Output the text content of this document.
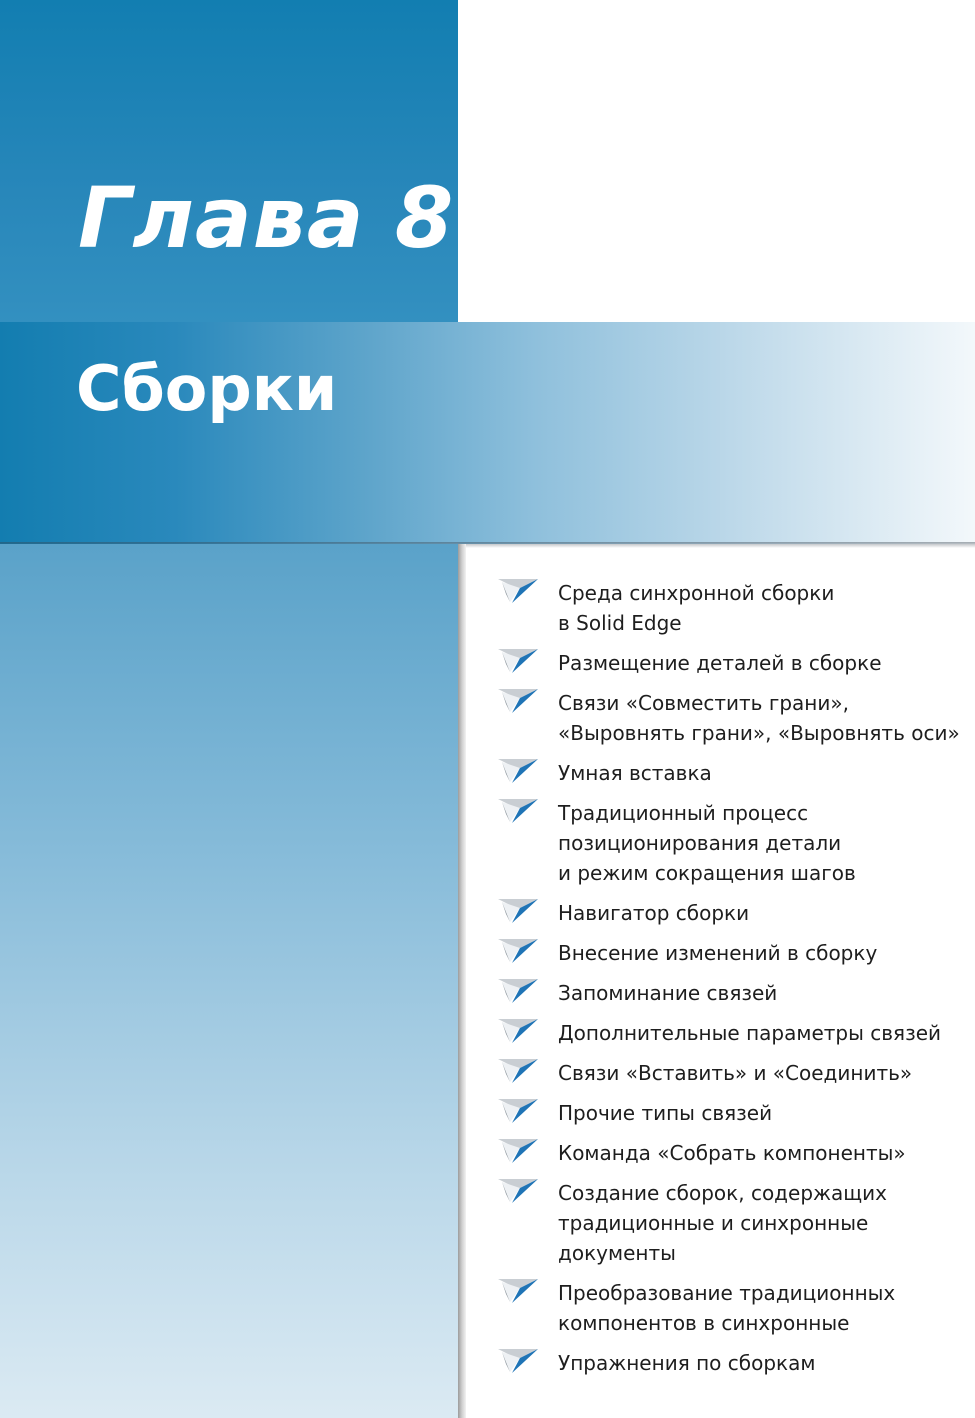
Глава 8
Сборки
Среда синхронной сборки
в Solid Edge
Размещение деталей в сборке
Связи «Совместить грани»,
«Выровнять грани», «Выровнять оси»
Умная вставка
Традиционный процесс
позиционирования детали
и режим сокращения шагов
Навигатор сборки
Внесение изменений в сборку
Запоминание связей
Дополнительные параметры связей
Связи «Вставить» и «Соединить»
Прочие типы связей
Команда «Собрать компоненты»
Создание сборок, содержащих
традиционные и синхронные
документы
Преобразование традиционных
компонентов в синхронные
Упражнения по сборкам
